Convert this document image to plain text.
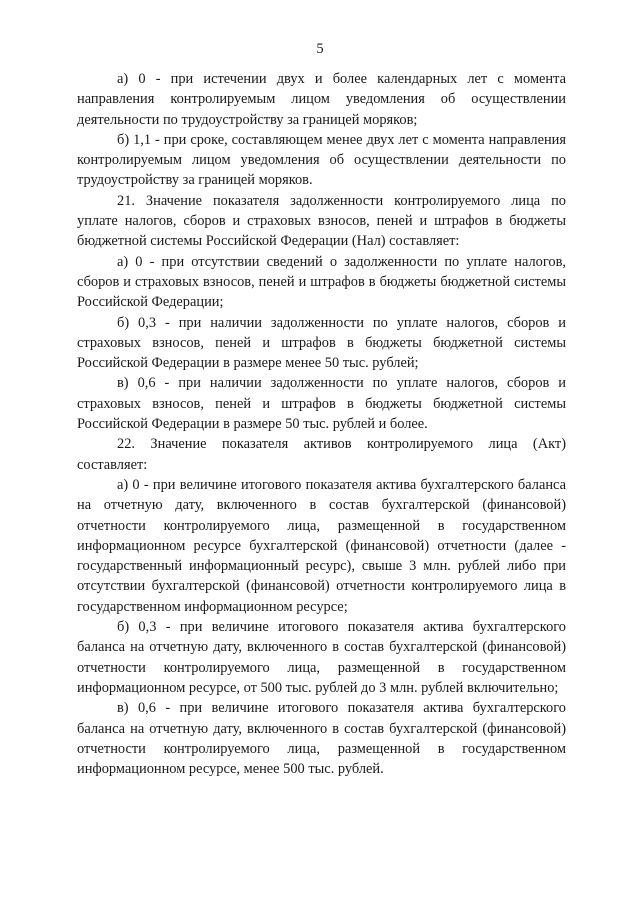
5

а) 0 - при истечении двух и более календарных лет с момента направления контролируемым лицом уведомления об осуществлении деятельности по трудоустройству за границей моряков;

б) 1,1 - при сроке, составляющем менее двух лет с момента направления контролируемым лицом уведомления об осуществлении деятельности по трудоустройству за границей моряков.

21. Значение показателя задолженности контролируемого лица по уплате налогов, сборов и страховых взносов, пеней и штрафов в бюджеты бюджетной системы Российской Федерации (Нал) составляет:

а) 0 - при отсутствии сведений о задолженности по уплате налогов, сборов и страховых взносов, пеней и штрафов в бюджеты бюджетной системы Российской Федерации;

б) 0,3 - при наличии задолженности по уплате налогов, сборов и страховых взносов, пеней и штрафов в бюджеты бюджетной системы Российской Федерации в размере менее 50 тыс. рублей;

в) 0,6 - при наличии задолженности по уплате налогов, сборов и страховых взносов, пеней и штрафов в бюджеты бюджетной системы Российской Федерации в размере 50 тыс. рублей и более.

22. Значение показателя активов контролируемого лица (Акт) составляет:

а) 0 - при величине итогового показателя актива бухгалтерского баланса на отчетную дату, включенного в состав бухгалтерской (финансовой) отчетности контролируемого лица, размещенной в государственном информационном ресурсе бухгалтерской (финансовой) отчетности (далее - государственный информационный ресурс), свыше 3 млн. рублей либо при отсутствии бухгалтерской (финансовой) отчетности контролируемого лица в государственном информационном ресурсе;

б) 0,3 - при величине итогового показателя актива бухгалтерского баланса на отчетную дату, включенного в состав бухгалтерской (финансовой) отчетности контролируемого лица, размещенной в государственном информационном ресурсе, от 500 тыс. рублей до 3 млн. рублей включительно;

в) 0,6 - при величине итогового показателя актива бухгалтерского баланса на отчетную дату, включенного в состав бухгалтерской (финансовой) отчетности контролируемого лица, размещенной в государственном информационном ресурсе, менее 500 тыс. рублей.
